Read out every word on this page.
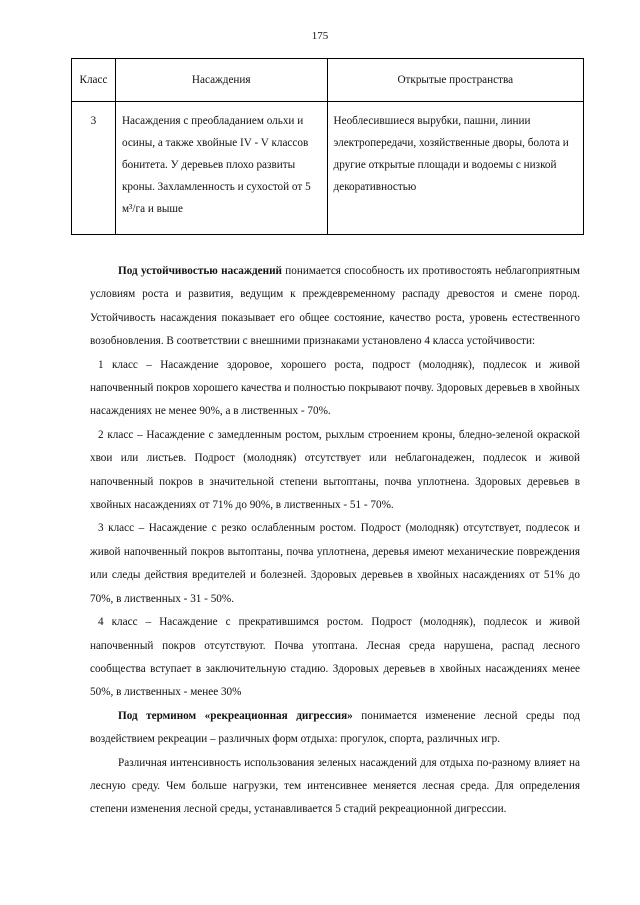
175
Класс	Насаждения	Открытые пространства
3	Насаждения с преобладанием ольхи и осины, а также хвойные IV - V классов бонитета. У деревьев плохо развиты кроны. Захламленность и сухостой от 5 м³/га и выше	Необлесившиеся вырубки, пашни, линии электропередачи, хозяйственные дворы, болота и другие открытые площади и водоемы с низкой декоративностью

Под устойчивостью насаждений понимается способность их противостоять неблагоприятным условиям роста и развития, ведущим к преждевременному распаду древостоя и смене пород. Устойчивость насаждения показывает его общее состояние, качество роста, уровень естественного возобновления. В соответствии с внешними признаками установлено 4 класса устойчивости:

1 класс – Насаждение здоровое, хорошего роста, подрост (молодняк), подлесок и живой напочвенный покров хорошего качества и полностью покрывают почву. Здоровых деревьев в хвойных насаждениях не менее 90%, а в лиственных - 70%.

2 класс – Насаждение с замедленным ростом, рыхлым строением кроны, бледно-зеленой окраской хвои или листьев. Подрост (молодняк) отсутствует или неблагонадежен, подлесок и живой напочвенный покров в значительной степени вытоптаны, почва уплотнена. Здоровых деревьев в хвойных насаждениях от 71% до 90%, в лиственных - 51 - 70%.

3 класс – Насаждение с резко ослабленным ростом. Подрост (молодняк) отсутствует, подлесок и живой напочвенный покров вытоптаны, почва уплотнена, деревья имеют механические повреждения или следы действия вредителей и болезней. Здоровых деревьев в хвойных насаждениях от 51% до 70%, в лиственных - 31 - 50%.

4 класс – Насаждение с прекратившимся ростом. Подрост (молодняк), подлесок и живой напочвенный покров отсутствуют. Почва утоптана. Лесная среда нарушена, распад лесного сообщества вступает в заключительную стадию. Здоровых деревьев в хвойных насаждениях менее 50%, в лиственных - менее 30%

Под термином «рекреационная дигрессия» понимается изменение лесной среды под воздействием рекреации – различных форм отдыха: прогулок, спорта, различных игр.

Различная интенсивность использования зеленых насаждений для отдыха по-разному влияет на лесную среду. Чем больше нагрузки, тем интенсивнее меняется лесная среда. Для определения степени изменения лесной среды, устанавливается 5 стадий рекреационной дигрессии.
